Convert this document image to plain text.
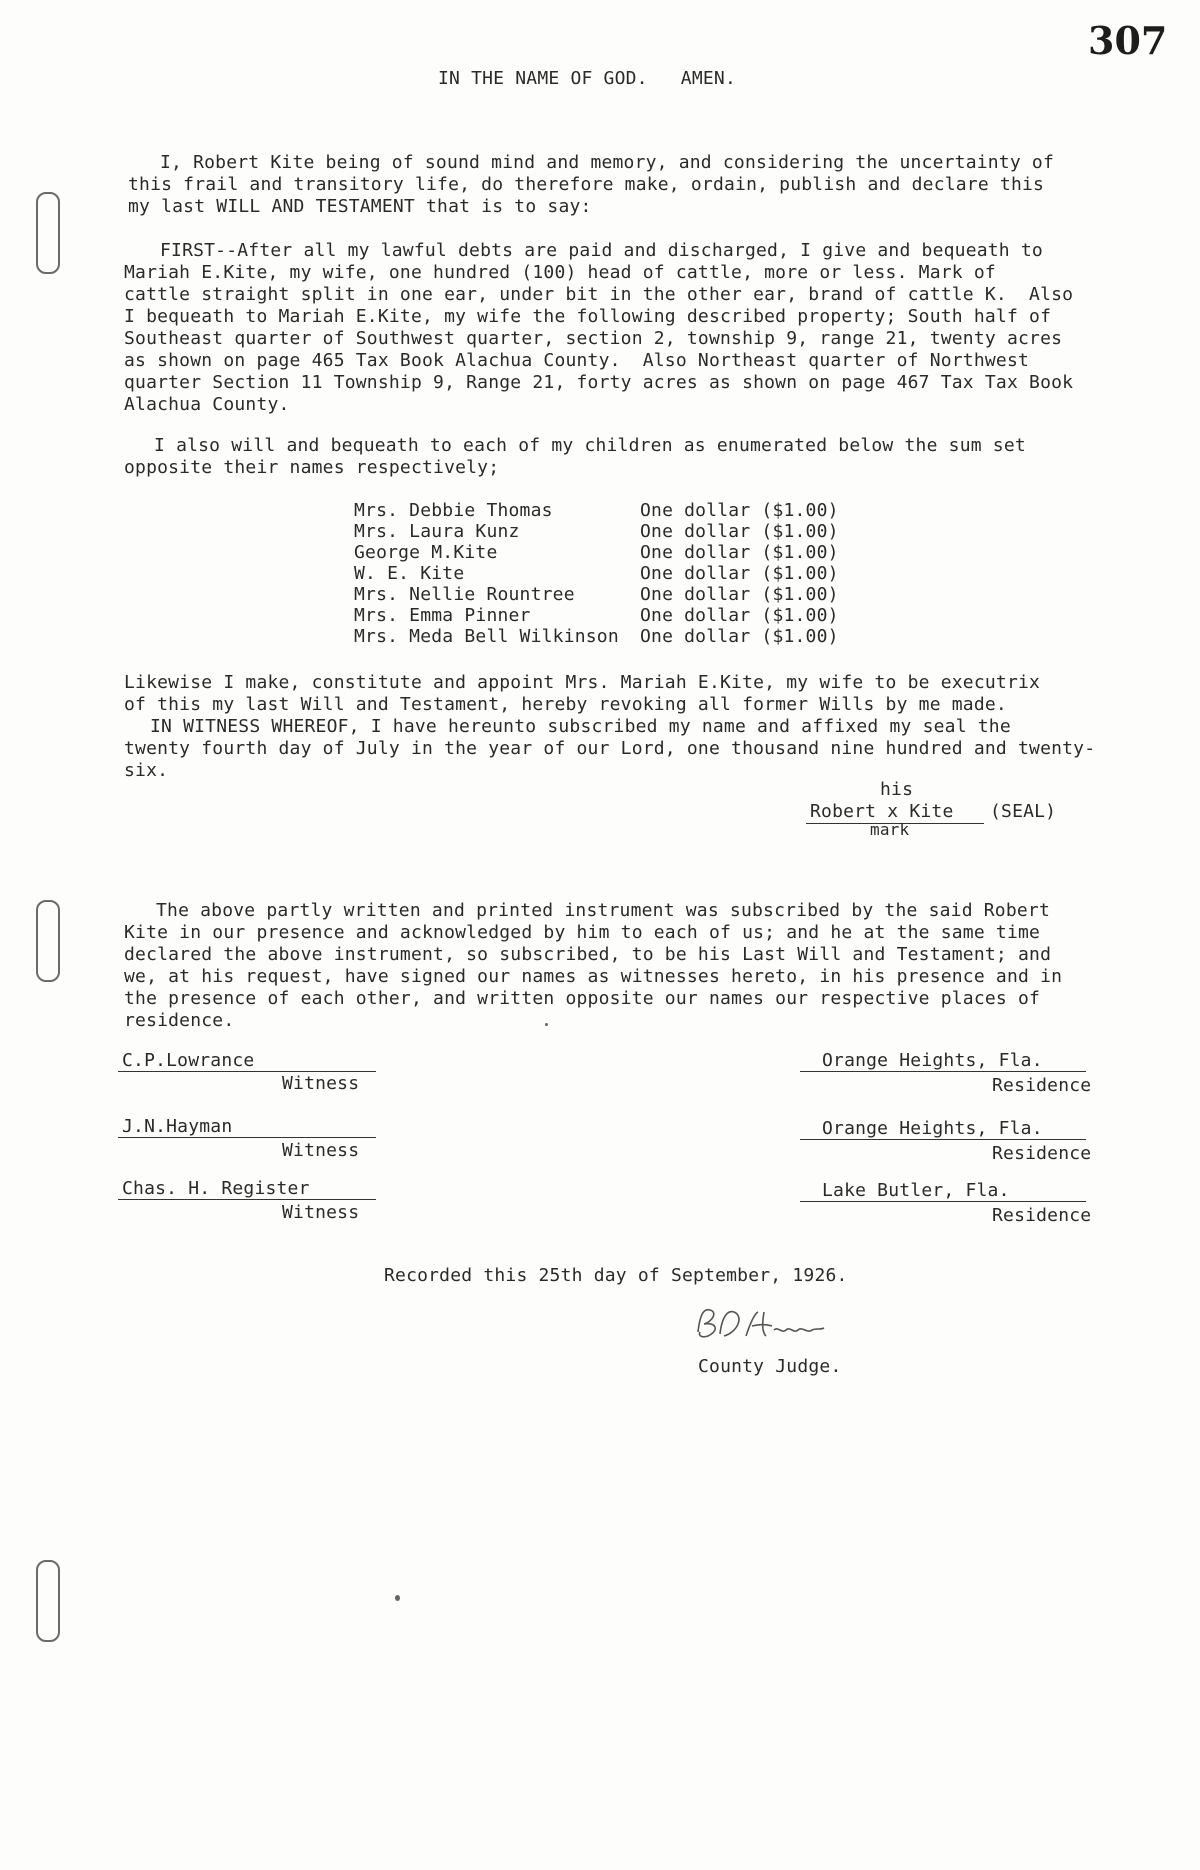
307
IN THE NAME OF GOD.   AMEN.
I, Robert Kite being of sound mind and memory, and considering the uncertainty of
this frail and transitory life, do therefore make, ordain, publish and declare this
my last WILL AND TESTAMENT that is to say:
FIRST--After all my lawful debts are paid and discharged, I give and bequeath to
Mariah E.Kite, my wife, one hundred (100) head of cattle, more or less. Mark of
cattle straight split in one ear, under bit in the other ear, brand of cattle K.  Also
I bequeath to Mariah E.Kite, my wife the following described property; South half of
Southeast quarter of Southwest quarter, section 2, township 9, range 21, twenty acres
as shown on page 465 Tax Book Alachua County.  Also Northeast quarter of Northwest
quarter Section 11 Township 9, Range 21, forty acres as shown on page 467 Tax Tax Book
Alachua County.
I also will and bequeath to each of my children as enumerated below the sum set
opposite their names respectively;
Mrs. Debbie Thomas	One dollar ($1.00)
Mrs. Laura Kunz	One dollar ($1.00)
George M.Kite	One dollar ($1.00)
W. E. Kite	One dollar ($1.00)
Mrs. Nellie Rountree	One dollar ($1.00)
Mrs. Emma Pinner	One dollar ($1.00)
Mrs. Meda Bell Wilkinson One dollar ($1.00)
Likewise I make, constitute and appoint Mrs. Mariah E.Kite, my wife to be executrix
of this my last Will and Testament, hereby revoking all former Wills by me made.
IN WITNESS WHEREOF, I have hereunto subscribed my name and affixed my seal the
twenty fourth day of July in the year of our Lord, one thousand nine hundred and twenty-
six.
his
Robert x Kite (SEAL)
mark
The above partly written and printed instrument was subscribed by the said Robert
Kite in our presence and acknowledged by him to each of us; and he at the same time
declared the above instrument, so subscribed, to be his Last Will and Testament; and
we, at his request, have signed our names as witnesses hereto, in his presence and in
the presence of each other, and written opposite our names our respective places of
residence.
C.P.Lowrance
Witness
Orange Heights, Fla.
Residence
J.N.Hayman
Witness
Orange Heights, Fla.
Residence
Chas. H. Register
Witness
Lake Butler, Fla.
Residence
Recorded this 25th day of September, 1926.
County Judge.
